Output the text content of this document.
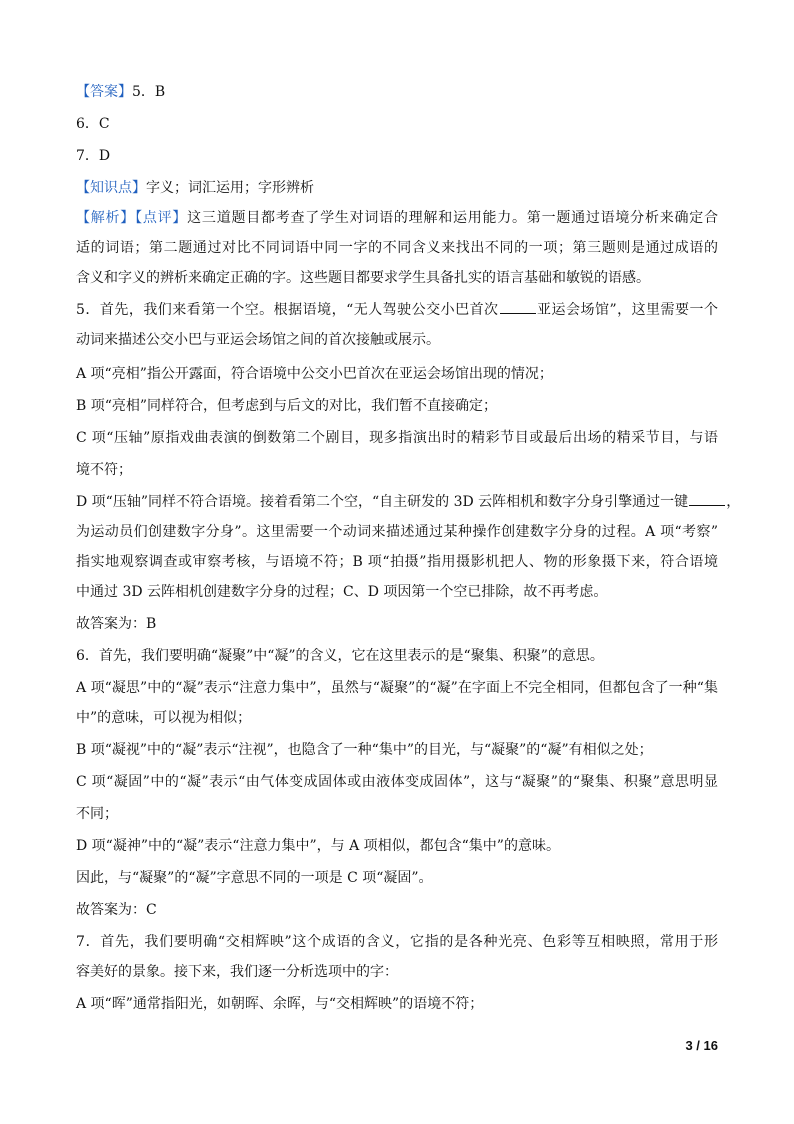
【答案】5．B
6．C
7．D
【知识点】字义；词汇运用；字形辨析
【解析】【点评】这三道题目都考查了学生对词语的理解和运用能力。第一题通过语境分析来确定合
适的词语；第二题通过对比不同词语中同一字的不同含义来找出不同的一项；第三题则是通过成语的
含义和字义的辨析来确定正确的字。这些题目都要求学生具备扎实的语言基础和敏锐的语感。
5．首先，我们来看第一个空。根据语境，“无人驾驶公交小巴首次	亚运会场馆”，这里需要一个
动词来描述公交小巴与亚运会场馆之间的首次接触或展示。
A 项“亮相”指公开露面，符合语境中公交小巴首次在亚运会场馆出现的情况；
B 项“亮相”同样符合，但考虑到与后文的对比，我们暂不直接确定；
C 项“压轴”原指戏曲表演的倒数第二个剧目，现多指演出时的精彩节目或最后出场的精采节目，与语
境不符；
D 项“压轴”同样不符合语境。接着看第二个空，“自主研发的 3D 云阵相机和数字分身引擎通过一键	，
为运动员们创建数字分身”。这里需要一个动词来描述通过某种操作创建数字分身的过程。A 项“考察”
指实地观察调查或审察考核，与语境不符；B 项“拍摄”指用摄影机把人、物的形象摄下来，符合语境
中通过 3D 云阵相机创建数字分身的过程；C、D 项因第一个空已排除，故不再考虑。
故答案为：B
6．首先，我们要明确“凝聚”中“凝”的含义，它在这里表示的是“聚集、积聚”的意思。
A 项“凝思”中的“凝”表示“注意力集中”，虽然与“凝聚”的“凝”在字面上不完全相同，但都包含了一种“集
中”的意味，可以视为相似；
B 项“凝视”中的“凝”表示“注视”，也隐含了一种“集中”的目光，与“凝聚”的“凝”有相似之处；
C 项“凝固”中的“凝”表示“由气体变成固体或由液体变成固体”，这与“凝聚”的“聚集、积聚”意思明显
不同；
D 项“凝神”中的“凝”表示“注意力集中”，与 A 项相似，都包含“集中”的意味。
因此，与“凝聚”的“凝”字意思不同的一项是 C 项“凝固”。
故答案为：C
7．首先，我们要明确“交相辉映”这个成语的含义，它指的是各种光亮、色彩等互相映照，常用于形
容美好的景象。接下来，我们逐一分析选项中的字：
A 项“晖”通常指阳光，如朝晖、余晖，与“交相辉映”的语境不符；
3 / 16
